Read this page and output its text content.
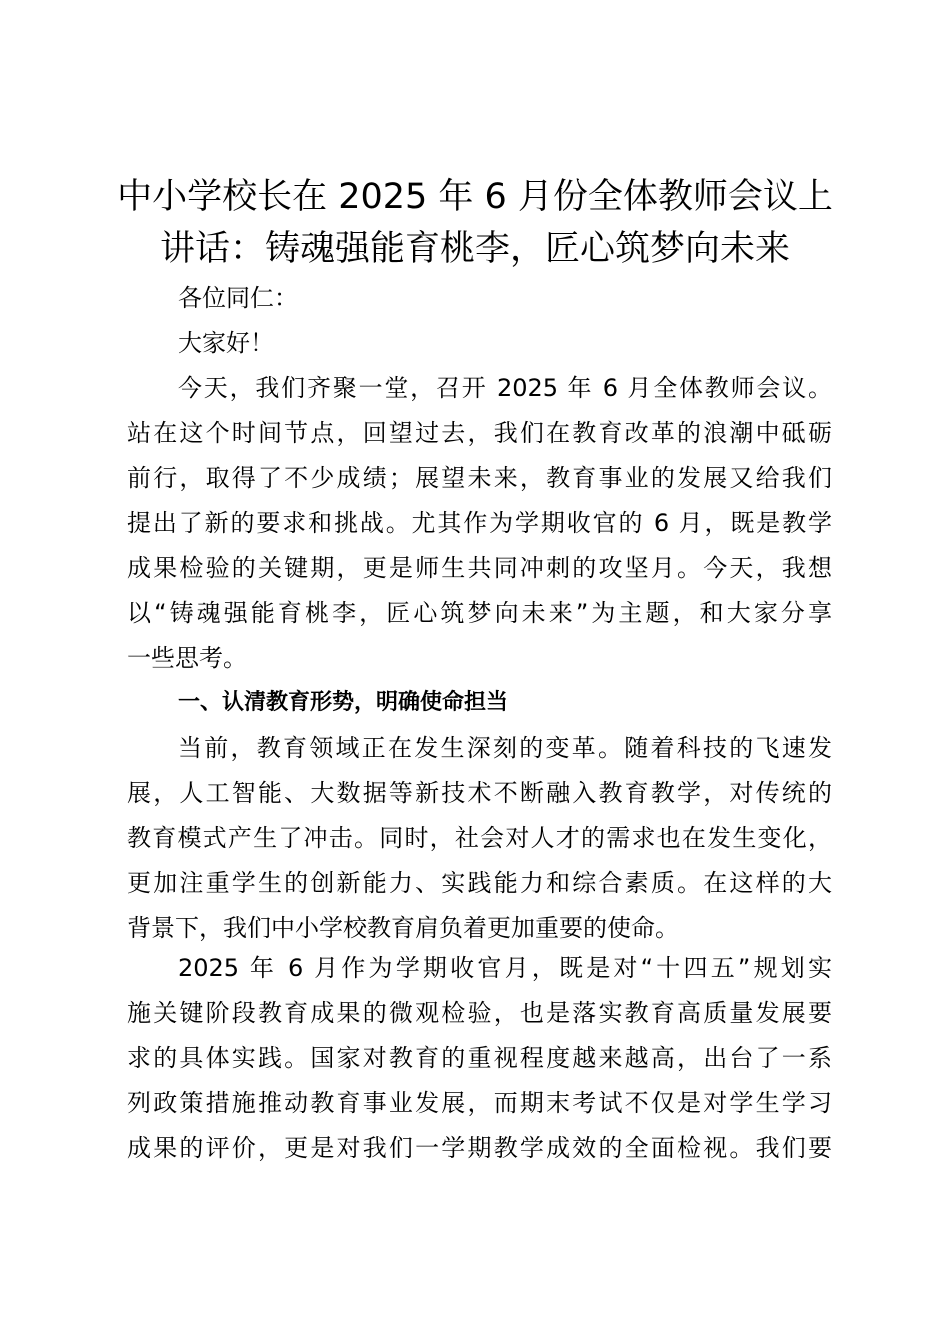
中小学校长在 2025 年 6 月份全体教师会议上
讲话：铸魂强能育桃李，匠心筑梦向未来

各位同仁：

大家好！

今天，我们齐聚一堂，召开 2025 年 6 月全体教师会议。

站在这个时间节点，回望过去，我们在教育改革的浪潮中砥砺

前行，取得了不少成绩；展望未来，教育事业的发展又给我们

提出了新的要求和挑战。尤其作为学期收官的 6 月，既是教学

成果检验的关键期，更是师生共同冲刺的攻坚月。今天，我想

以“铸魂强能育桃李，匠心筑梦向未来”为主题，和大家分享

一些思考。

一、认清教育形势，明确使命担当

当前，教育领域正在发生深刻的变革。随着科技的飞速发

展，人工智能、大数据等新技术不断融入教育教学，对传统的

教育模式产生了冲击。同时，社会对人才的需求也在发生变化，

更加注重学生的创新能力、实践能力和综合素质。在这样的大

背景下，我们中小学校教育肩负着更加重要的使命。

2025 年 6 月作为学期收官月，既是对“十四五”规划实

施关键阶段教育成果的微观检验，也是落实教育高质量发展要

求的具体实践。国家对教育的重视程度越来越高，出台了一系

列政策措施推动教育事业发展，而期末考试不仅是对学生学习

成果的评价，更是对我们一学期教学成效的全面检视。我们要
